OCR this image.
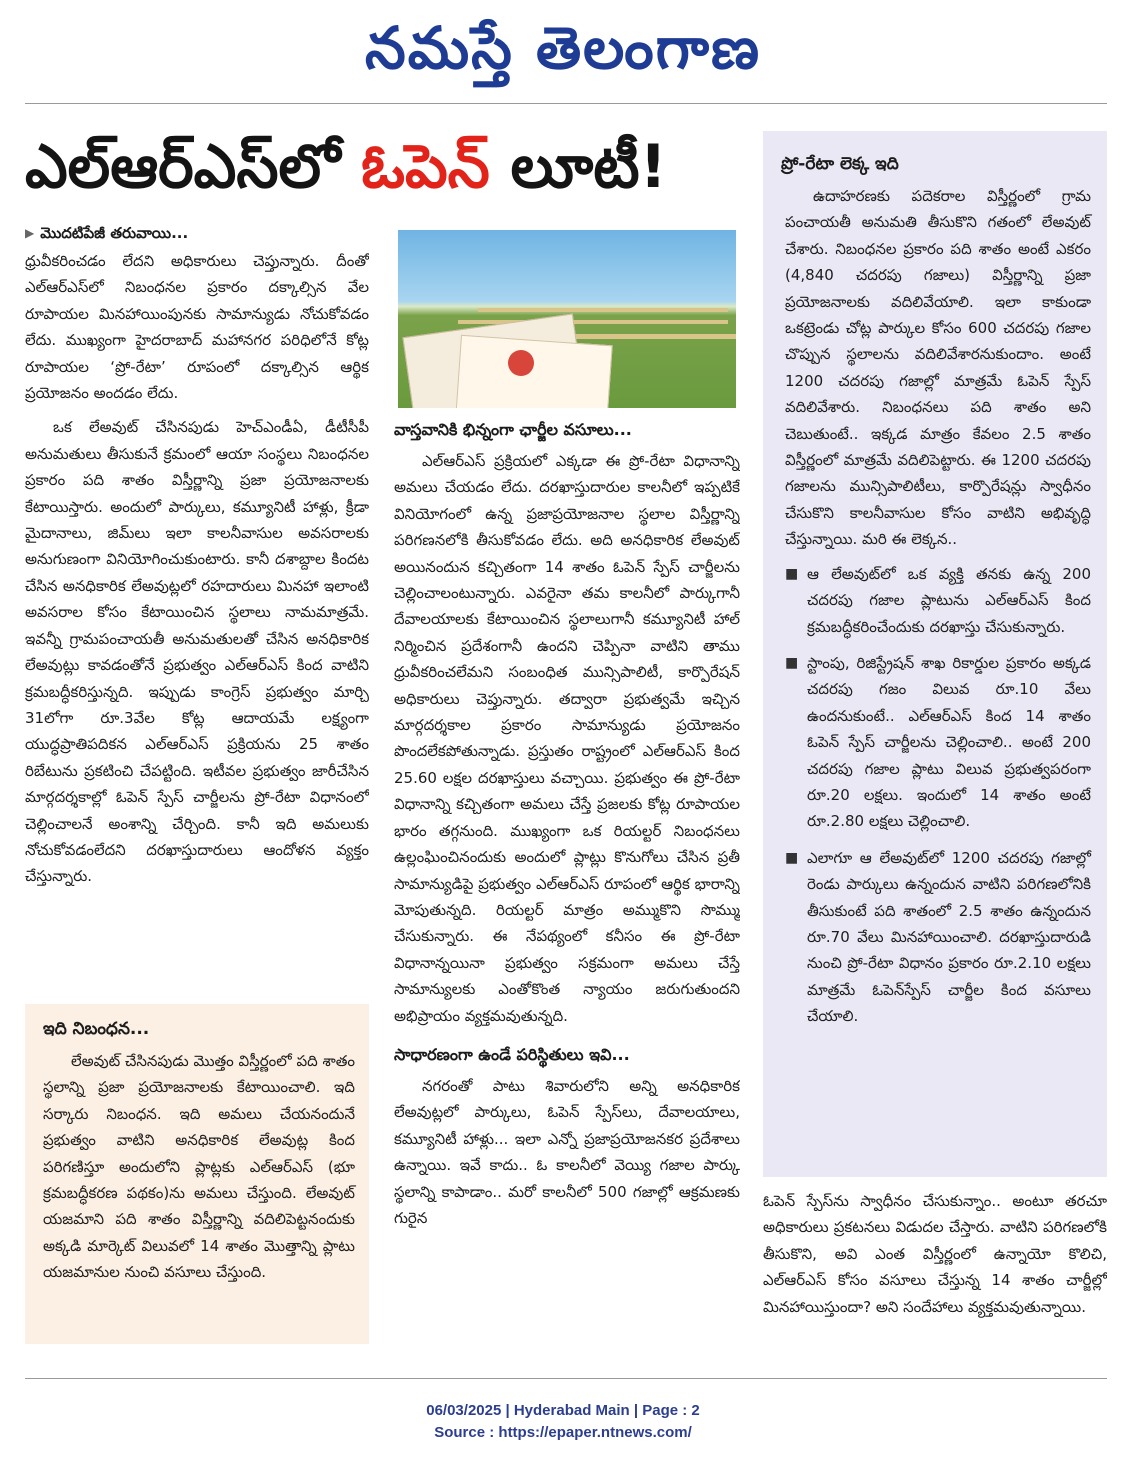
నమస్తే తెలంగాణ
ఎల్‌ఆర్‌ఎస్‌లో ఓపెన్ లూటీ!
▶ మొదటిపేజీ తరువాయి...

ధ్రువీకరించడం లేదని అధికారులు చెప్తున్నారు. దీంతో ఎల్‌ఆర్‌ఎస్‌లో నిబంధనల ప్రకారం దక్కాల్సిన వేల రూపాయల మినహాయింపునకు సామాన్యుడు నోచుకోవడం లేదు. ముఖ్యంగా హైదరాబాద్ మహానగర పరిధిలోనే కోట్ల రూపాయల ‘ప్రో-రేటా’ రూపంలో దక్కాల్సిన ఆర్థిక ప్రయోజనం అందడం లేదు.

ఒక లేఅవుట్ చేసినపుడు హెచ్‌ఎండీఏ, డీటీసీపీ అనుమతులు తీసుకునే క్రమంలో ఆయా సంస్థలు నిబంధనల ప్రకారం పది శాతం విస్తీర్ణాన్ని ప్రజా ప్రయోజనాలకు కేటాయిస్తారు. అందులో పార్కులు, కమ్యూనిటీ హాళ్లు, క్రీడా మైదానాలు, జిమ్‌లు ఇలా కాలనీవాసుల అవసరాలకు అనుగుణంగా వినియోగించుకుంటారు. కానీ దశాబ్దాల కిందట చేసిన అనధికారిక లేఅవుట్లలో రహదారులు మినహా ఇలాంటి అవసరాల కోసం కేటాయించిన స్థలాలు నామమాత్రమే. ఇవన్నీ గ్రామపంచాయతీ అనుమతులతో చేసిన అనధికారిక లేఅవుట్లు కావడంతోనే ప్రభుత్వం ఎల్‌ఆర్‌ఎస్ కింద వాటిని క్రమబద్ధీకరిస్తున్నది. ఇప్పుడు కాంగ్రెస్ ప్రభుత్వం మార్చి 31లోగా రూ.3వేల కోట్ల ఆదాయమే లక్ష్యంగా యుద్ధప్రాతిపదికన ఎల్‌ఆర్‌ఎస్ ప్రక్రియను 25 శాతం రిబేటును ప్రకటించి చేపట్టింది. ఇటీవల ప్రభుత్వం జారీచేసిన మార్గదర్శకాల్లో ఓపెన్ స్పేస్ చార్జీలను ప్రో-రేటా విధానంలో చెల్లించాలనే అంశాన్ని చేర్చింది. కానీ ఇది అమలుకు నోచుకోవడంలేదని దరఖాస్తుదారులు ఆందోళన వ్యక్తం చేస్తున్నారు.

ఇది నిబంధన...
లేఅవుట్ చేసినపుడు మొత్తం విస్తీర్ణంలో పది శాతం స్థలాన్ని ప్రజా ప్రయోజనాలకు కేటాయించాలి. ఇది సర్కారు నిబంధన. ఇది అమలు చేయనందునే ప్రభుత్వం వాటిని అనధికారిక లేఅవుట్ల కింద పరిగణిస్తూ అందులోని ప్లాట్లకు ఎల్‌ఆర్‌ఎస్ (భూ క్రమబద్ధీకరణ పథకం)ను అమలు చేస్తుంది. లేఅవుట్ యజమాని పది శాతం విస్తీర్ణాన్ని వదిలిపెట్టనందుకు అక్కడి మార్కెట్ విలువలో 14 శాతం మొత్తాన్ని ప్లాటు యజమానుల నుంచి వసూలు చేస్తుంది.
వాస్తవానికి భిన్నంగా ఛార్జీల వసూలు...

ఎల్‌ఆర్‌ఎస్ ప్రక్రియలో ఎక్కడా ఈ ప్రో-రేటా విధానాన్ని అమలు చేయడం లేదు. దరఖాస్తుదారుల కాలనీలో ఇప్పటికే వినియోగంలో ఉన్న ప్రజాప్రయోజనాల స్థలాల విస్తీర్ణాన్ని పరిగణనలోకి తీసుకోవడం లేదు. అది అనధికారిక లేఅవుట్ అయినందున కచ్చితంగా 14 శాతం ఓపెన్ స్పేస్ చార్జీలను చెల్లించాలంటున్నారు. ఎవరైనా తమ కాలనీలో పార్కుగానీ దేవాలయాలకు కేటాయించిన స్థలాలుగానీ కమ్యూనిటీ హాల్ నిర్మించిన ప్రదేశంగానీ ఉందని చెప్పినా వాటిని తాము ధ్రువీకరించలేమని సంబంధిత మున్సిపాలిటీ, కార్పొరేషన్ అధికారులు చెప్తున్నారు. తద్వారా ప్రభుత్వమే ఇచ్చిన మార్గదర్శకాల ప్రకారం సామాన్యుడు ప్రయోజనం పొందలేకపోతున్నాడు. ప్రస్తుతం రాష్ట్రంలో ఎల్‌ఆర్‌ఎస్ కింద 25.60 లక్షల దరఖాస్తులు వచ్చాయి. ప్రభుత్వం ఈ ప్రో-రేటా విధానాన్ని కచ్చితంగా అమలు చేస్తే ప్రజలకు కోట్ల రూపాయల భారం తగ్గనుంది. ముఖ్యంగా ఒక రియల్టర్ నిబంధనలు ఉల్లంఘించినందుకు అందులో ప్లాట్లు కొనుగోలు చేసిన ప్రతీ సామాన్యుడిపై ప్రభుత్వం ఎల్‌ఆర్‌ఎస్ రూపంలో ఆర్థిక భారాన్ని మోపుతున్నది. రియల్టర్ మాత్రం అమ్ముకొని సొమ్ము చేసుకున్నారు. ఈ నేపథ్యంలో కనీసం ఈ ప్రో-రేటా విధానాన్నయినా ప్రభుత్వం సక్రమంగా అమలు చేస్తే సామాన్యులకు ఎంతోకొంత న్యాయం జరుగుతుందని అభిప్రాయం వ్యక్తమవుతున్నది.

సాధారణంగా ఉండే పరిస్థితులు ఇవి...

నగరంతో పాటు శివారులోని అన్ని అనధికారిక లేఅవుట్లలో పార్కులు, ఓపెన్ స్పేస్‌లు, దేవాలయాలు, కమ్యూనిటీ హాళ్లు... ఇలా ఎన్నో ప్రజాప్రయోజనకర ప్రదేశాలు ఉన్నాయి. ఇవే కాదు.. ఓ కాలనీలో వెయ్యి గజాల పార్కు స్థలాన్ని కాపాడాం.. మరో కాలనీలో 500 గజాల్లో ఆక్రమణకు గురైన

ప్రో-రేటా లెక్క ఇది

ఉదాహరణకు పదెకరాల విస్తీర్ణంలో గ్రామ పంచాయతీ అనుమతి తీసుకొని గతంలో లేఅవుట్ చేశారు. నిబంధనల ప్రకారం పది శాతం అంటే ఎకరం (4,840 చదరపు గజాలు) విస్తీర్ణాన్ని ప్రజా ప్రయోజనాలకు వదిలివేయాలి. ఇలా కాకుండా ఒకట్రెండు చోట్ల పార్కుల కోసం 600 చదరపు గజాల చొప్పున స్థలాలను వదిలివేశారనుకుందాం. అంటే 1200 చదరపు గజాల్లో మాత్రమే ఓపెన్ స్పేస్ వదిలివేశారు. నిబంధనలు పది శాతం అని చెబుతుంటే.. ఇక్కడ మాత్రం కేవలం 2.5 శాతం విస్తీర్ణంలో మాత్రమే వదిలిపెట్టారు. ఈ 1200 చదరపు గజాలను మున్సిపాలిటీలు, కార్పొరేషన్లు స్వాధీనం చేసుకొని కాలనీవాసుల కోసం వాటిని అభివృద్ధి చేస్తున్నాయి. మరి ఈ లెక్కన..

■ ఆ లేఅవుట్‌లో ఒక వ్యక్తి తనకు ఉన్న 200 చదరపు గజాల ప్లాటును ఎల్‌ఆర్‌ఎస్ కింద క్రమబద్ధీకరించేందుకు దరఖాస్తు చేసుకున్నారు.
■ స్టాంపు, రిజిస్ట్రేషన్ శాఖ రికార్డుల ప్రకారం అక్కడ చదరపు గజం విలువ రూ.10 వేలు ఉందనుకుంటే.. ఎల్‌ఆర్‌ఎస్ కింద 14 శాతం ఓపెన్ స్పేస్ చార్జీలను చెల్లించాలి.. అంటే 200 చదరపు గజాల ప్లాటు విలువ ప్రభుత్వపరంగా రూ.20 లక్షలు. ఇందులో 14 శాతం అంటే రూ.2.80 లక్షలు చెల్లించాలి.
■ ఎలాగూ ఆ లేఅవుట్‌లో 1200 చదరపు గజాల్లో రెండు పార్కులు ఉన్నందున వాటిని పరిగణలోనికి తీసుకుంటే పది శాతంలో 2.5 శాతం ఉన్నందున రూ.70 వేలు మినహాయించాలి. దరఖాస్తుదారుడి నుంచి ప్రో-రేటా విధానం ప్రకారం రూ.2.10 లక్షలు మాత్రమే ఓపెన్‌స్పేస్ చార్జీల కింద వసూలు చేయాలి.

ఓపెన్ స్పేస్‌ను స్వాధీనం చేసుకున్నాం.. అంటూ తరచూ అధికారులు ప్రకటనలు విడుదల చేస్తారు. వాటిని పరిగణలోకి తీసుకొని, అవి ఎంత విస్తీర్ణంలో ఉన్నాయో కొలిచి, ఎల్‌ఆర్‌ఎస్ కోసం వసూలు చేస్తున్న 14 శాతం చార్జీల్లో మినహాయిస్తుందా? అని సందేహాలు వ్యక్తమవుతున్నాయి.

06/03/2025 | Hyderabad Main | Page : 2
Source : https://epaper.ntnews.com/
